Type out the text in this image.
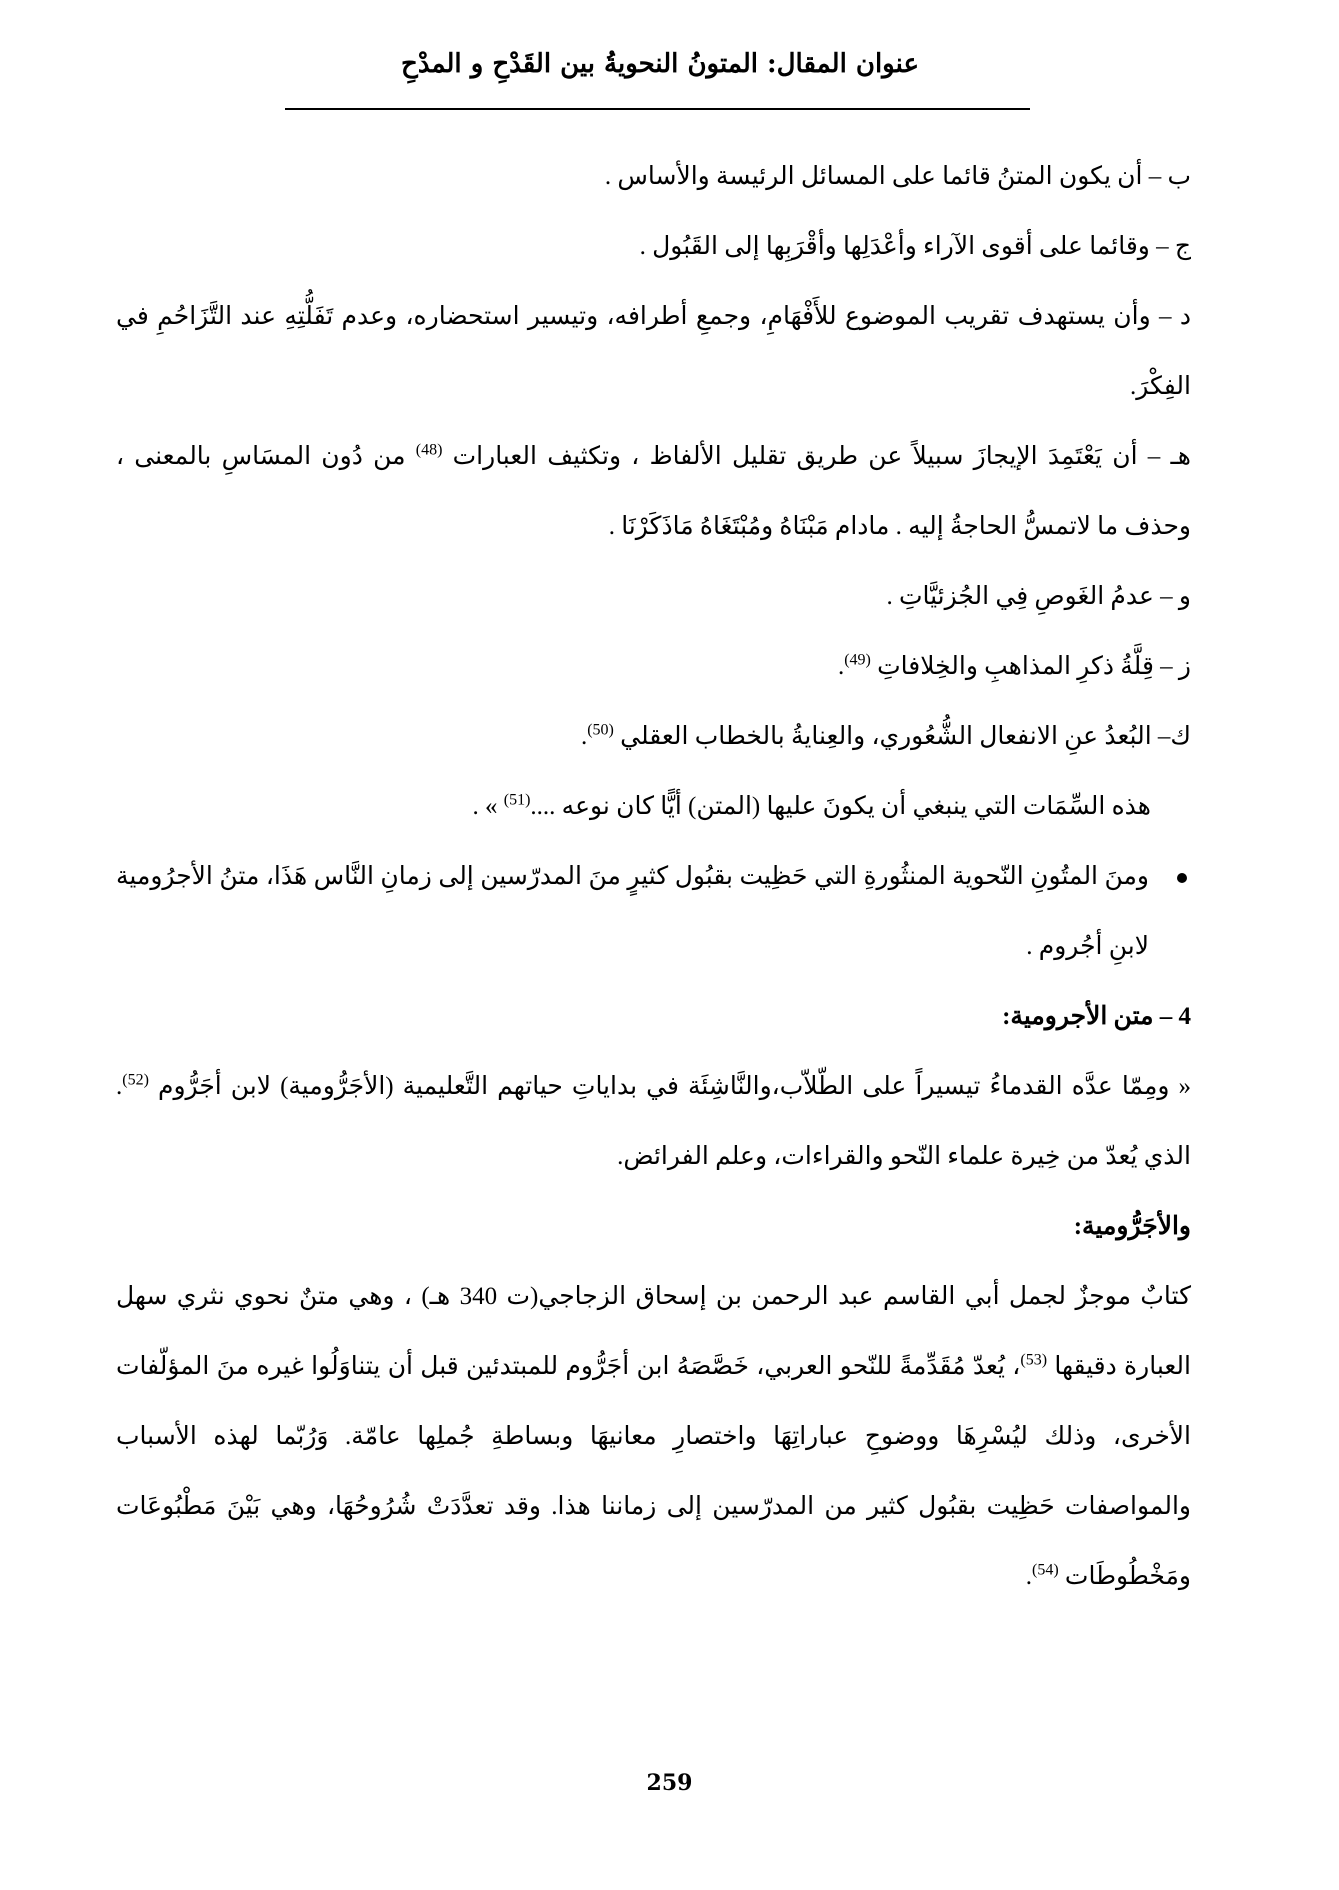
عنوان المقال: المتونُ النحويةُ بين القَدْحِ و المدْحِ

ب – أن يكون المتنُ قائما على المسائل الرئيسة والأساس .

ج – وقائما على أقوى الآراء وأعْدَلِها وأقْرَبِها إلى القَبُول .

د – وأن يستهدف تقريب الموضوع للأَفْهَامِ، وجمعِ أطرافه، وتيسير استحضاره، وعدم تَفَلُّتِهِ عند التَّزَاحُمِ في الفِكْرَ.

هـ – أن يَعْتَمِدَ الإيجازَ سبيلاً عن طريق تقليل الألفاظ ، وتكثيف العبارات $^{(48)}$ من دُون المسَاسِ بالمعنى ، وحذف ما لاتمسُّ الحاجةُ إليه . مادام مَبْنَاهُ ومُبْتَغَاهُ مَاذَكَرْنَا .

و – عدمُ الغَوصِ فِي الجُزئيَّاتِ .

ز – قِلَّةُ ذكرِ المذاهبِ والخِلافاتِ $^{(49)}$.

ك– البُعدُ عنِ الانفعال الشُّعُوري، والعِنايةُ بالخطاب العقلي $^{(50)}$.

هذه السِّمَات التي ينبغي أن يكونَ عليها (المتن) أيًّا كان نوعه ....$^{(51)}$ » .

ومنَ المتُونِ النّحوية المنثُورةِ التي حَظِيت بقبُول كثيرٍ منَ المدرّسين إلى زمانِ النَّاس هَذَا، متنُ الأجرُومية لابنِ أجُروم .

4 – متن الأجرومية:

« ومِمّا عدَّه القدماءُ تيسيراً على الطّلاّب،والنَّاشِئَة في بداياتِ حياتهم التَّعليمية (الأجَرُّومية) لابن أجَرُّوم $^{(52)}$. الذي يُعدّ من خِيرة علماء النّحو والقراءات، وعلم الفرائض.

والأجَرُّومية:

كتابٌ موجزٌ لجمل أبي القاسم عبد الرحمن بن إسحاق الزجاجي(ت 340 هـ) ، وهي متنٌ نحوي نثري سهل العبارة دقيقها $^{(53)}$، يُعدّ مُقَدِّمةً للنّحو العربي، خَصَّصَهُ ابن أجَرُّوم للمبتدئين قبل أن يتناوَلُوا غيره منَ المؤلّفات الأخرى، وذلك ليُسْرِهَا ووضوحِ عباراتِهَا واختصارِ معانيهَا وبساطةِ جُملِها عامّة. وَرُبّما لهذه الأسباب والمواصفات حَظِيت بقبُول كثير من المدرّسين إلى زماننا هذا. وقد تعدَّدَتْ شُرُوحُهَا، وهي بَيْنَ مَطْبُوعَات ومَخْطُوطَات $^{(54)}$.

259
